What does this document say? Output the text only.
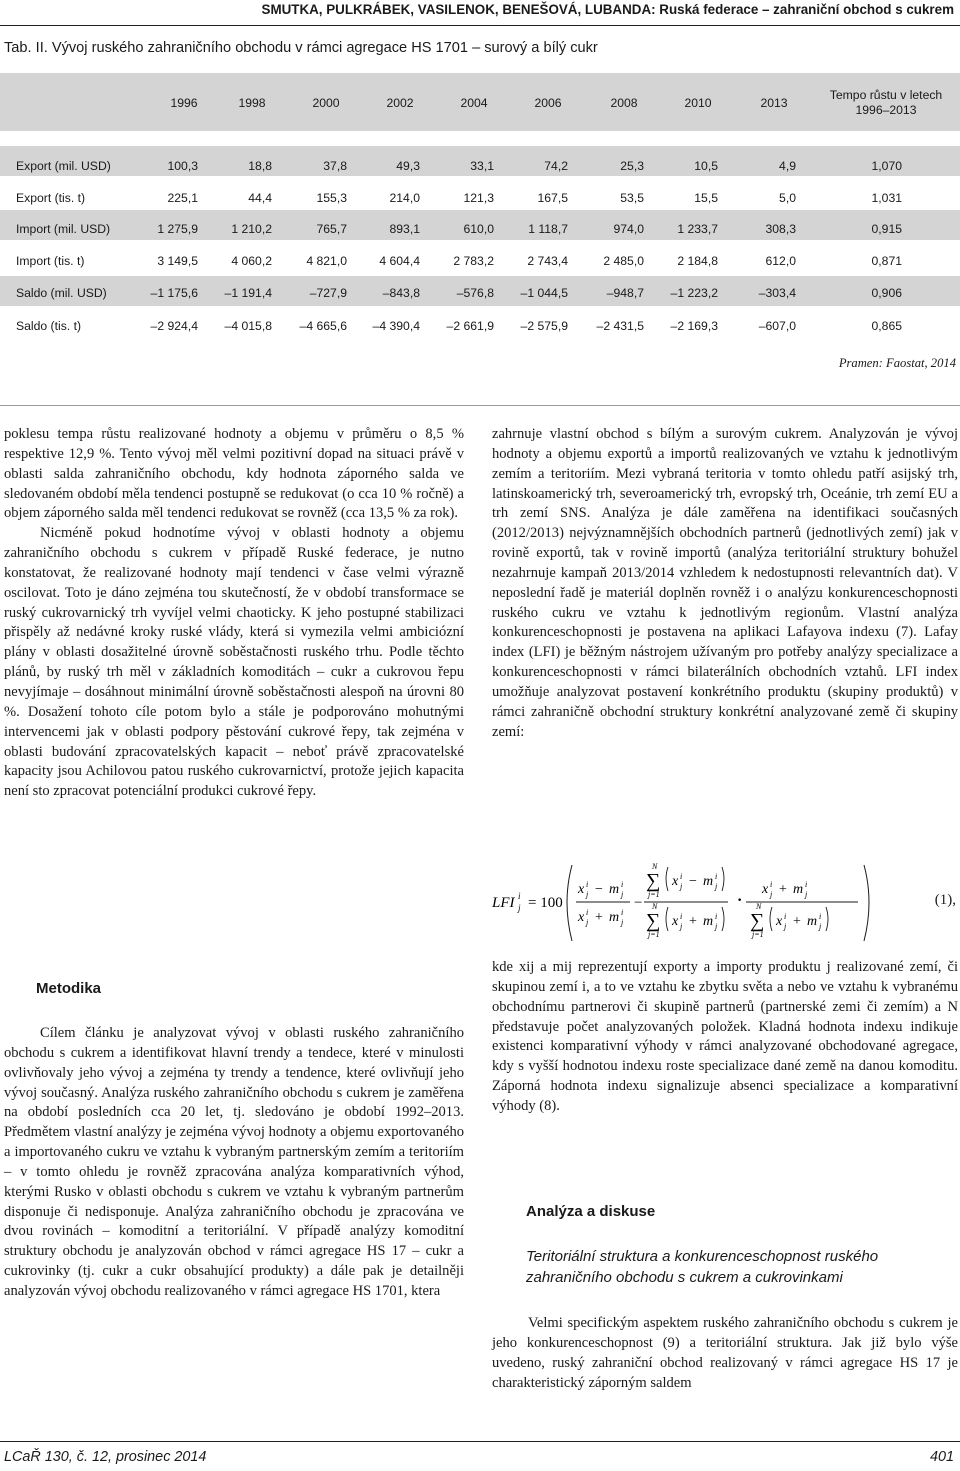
SMUTKA, PULKRÁBEK, VASILENOK, BENEŠOVÁ, LUBANDA: Ruská federace – zahraniční obchod s cukrem
Tab. II. Vývoj ruského zahraničního obchodu v rámci agregace HS 1701 – surový a bílý cukr
1996	1998	2000	2002	2004	2006	2008	2010	2013
Tempo růstu v letech
1996–2013
Export (mil. USD)	100,3	18,8	37,8	49,3	33,1	74,2	25,3	10,5	4,9	1,070
Export (tis. t)	225,1	44,4	155,3	214,0	121,3	167,5	53,5	15,5	5,0	1,031
Import (mil. USD)	1 275,9	1 210,2	765,7	893,1	610,0	1 118,7	974,0	1 233,7	308,3	0,915
Import (tis. t)	3 149,5	4 060,2	4 821,0	4 604,4	2 783,2	2 743,4	2 485,0	2 184,8	612,0	0,871
Saldo (mil. USD)	–1 175,6	–1 191,4	–727,9	–843,8	–576,8	–1 044,5	–948,7	–1 223,2	–303,4	0,906
Saldo (tis. t)	–2 924,4	–4 015,8	–4 665,6	–4 390,4	–2 661,9	–2 575,9	–2 431,5	–2 169,3	–607,0	0,865
Pramen: Faostat, 2014

poklesu tempa růstu realizované hodnoty a objemu v průměru o 8,5 % respektive 12,9 %. Tento vývoj měl velmi pozitivní dopad na situaci právě v oblasti salda zahraničního obchodu, kdy hodnota záporného salda ve sledovaném období měla tendenci postupně se redukovat (o cca 10 % ročně) a objem záporného salda měl tendenci redukovat se rovněž (cca 13,5 % za rok).

Nicméně pokud hodnotíme vývoj v oblasti hodnoty a objemu zahraničního obchodu s cukrem v případě Ruské federace, je nutno konstatovat, že realizované hodnoty mají tendenci v čase velmi výrazně oscilovat. Toto je dáno zejména tou skutečností, že v období transformace se ruský cukrovarnický trh vyvíjel velmi chaoticky. K jeho postupné stabilizaci přispěly až nedávné kroky ruské vlády, která si vymezila velmi ambiciózní plány v oblasti dosažitelné úrovně soběstačnosti ruského trhu. Podle těchto plánů, by ruský trh měl v základních komoditách – cukr a cukrovou řepu nevyjímaje – dosáhnout minimální úrovně soběstačnosti alespoň na úrovni 80 %. Dosažení tohoto cíle potom bylo a stále je podporováno mohutnými intervencemi jak v oblasti podpory pěstování cukrové řepy, tak zejména v oblasti budování zpracovatelských kapacit – neboť právě zpracovatelské kapacity jsou Achilovou patou ruského cukrovarnictví, protože jejich kapacita není sto zpracovat potenciální produkci cukrové řepy.

Metodika

Cílem článku je analyzovat vývoj v oblasti ruského zahraničního obchodu s cukrem a identifikovat hlavní trendy a tendece, které v minulosti ovlivňovaly jeho vývoj a zejména ty trendy a tendence, které ovlivňují jeho vývoj současný. Analýza ruského zahraničního obchodu s cukrem je zaměřena na období posledních cca 20 let, tj. sledováno je období 1992–2013. Předmětem vlastní analýzy je zejména vývoj hodnoty a objemu exportovaného a importovaného cukru ve vztahu k vybraným partnerským zemím a teritoriím – v tomto ohledu je rovněž zpracována analýza komparativních výhod, kterými Rusko v oblasti obchodu s cukrem ve vztahu k vybraným partnerům disponuje či nedisponuje. Analýza zahraničního obchodu je zpracována ve dvou rovinách – komoditní a teritoriální. V případě analýzy komoditní struktury obchodu je analyzován obchod v rámci agregace HS 17 – cukr a cukrovinky (tj. cukr a cukr obsahující produkty) a dále pak je detailněji analyzován vývoj obchodu realizovaného v rámci agregace HS 1701, ktera

zahrnuje vlastní obchod s bílým a surovým cukrem. Analyzován je vývoj hodnoty a objemu exportů a importů realizovaných ve vztahu k jednotlivým zemím a teritoriím. Mezi vybraná teritoria v tomto ohledu patří asijský trh, latinskoamerický trh, severoamerický trh, evropský trh, Oceánie, trh zemí EU a trh zemí SNS. Analýza je dále zaměřena na identifikaci současných (2012/2013) nejvýznamnějších obchodních partnerů (jednotlivých zemí) jak v rovině exportů, tak v rovině importů (analýza teritoriální struktury bohužel nezahrnuje kampaň 2013/2014 vzhledem k nedostupnosti relevantních dat). V neposlední řadě je materiál doplněn rovněž i o analýzu konkurenceschopnosti ruského cukru ve vztahu k jednotlivým regionům. Vlastní analýza konkurenceschopnosti je postavena na aplikaci Lafayova indexu (7). Lafay index (LFI) je běžným nástrojem užívaným pro potřeby analýzy specializace a konkurenceschopnosti v rámci bilaterálních obchodních vztahů. LFI index umožňuje analyzovat postavení konkrétního produktu (skupiny produktů) v rámci zahraničně obchodní struktury konkrétní analyzované země či skupiny zemí:

LFI j
i = 100
x i
j − m i
j
x i
j + m i
j
−
N
∑
j=1
x i
j − m i
j
N
∑
j=1
x i
j + m i
j
· x i
j + m i
j
N
∑
j=1
x i
j + m i
j
(1),

kde xij a mij reprezentují exporty a importy produktu j realizované zemí, či skupinou zemí i, a to ve vztahu ke zbytku světa a nebo ve vztahu k vybranému obchodnímu partnerovi či skupině partnerů (partnerské zemi či zemím) a N představuje počet analyzovaných položek. Kladná hodnota indexu indikuje existenci komparativní výhody v rámci analyzované obchodované agregace, kdy s vyšší hodnotou indexu roste specializace dané země na danou komoditu. Záporná hodnota indexu signalizuje absenci specializace a komparativní výhody (8).

Analýza a diskuse
Teritoriální struktura a konkurenceschopnost ruského zahraničního obchodu s cukrem a cukrovinkami

Velmi specifickým aspektem ruského zahraničního obchodu s cukrem je jeho konkurenceschopnost (9) a teritoriální struktura. Jak již bylo výše uvedeno, ruský zahraniční obchod realizovaný v rámci agregace HS 17 je charakteristický záporným saldem

LCaŘ 130, č. 12, prosinec 2014	401
